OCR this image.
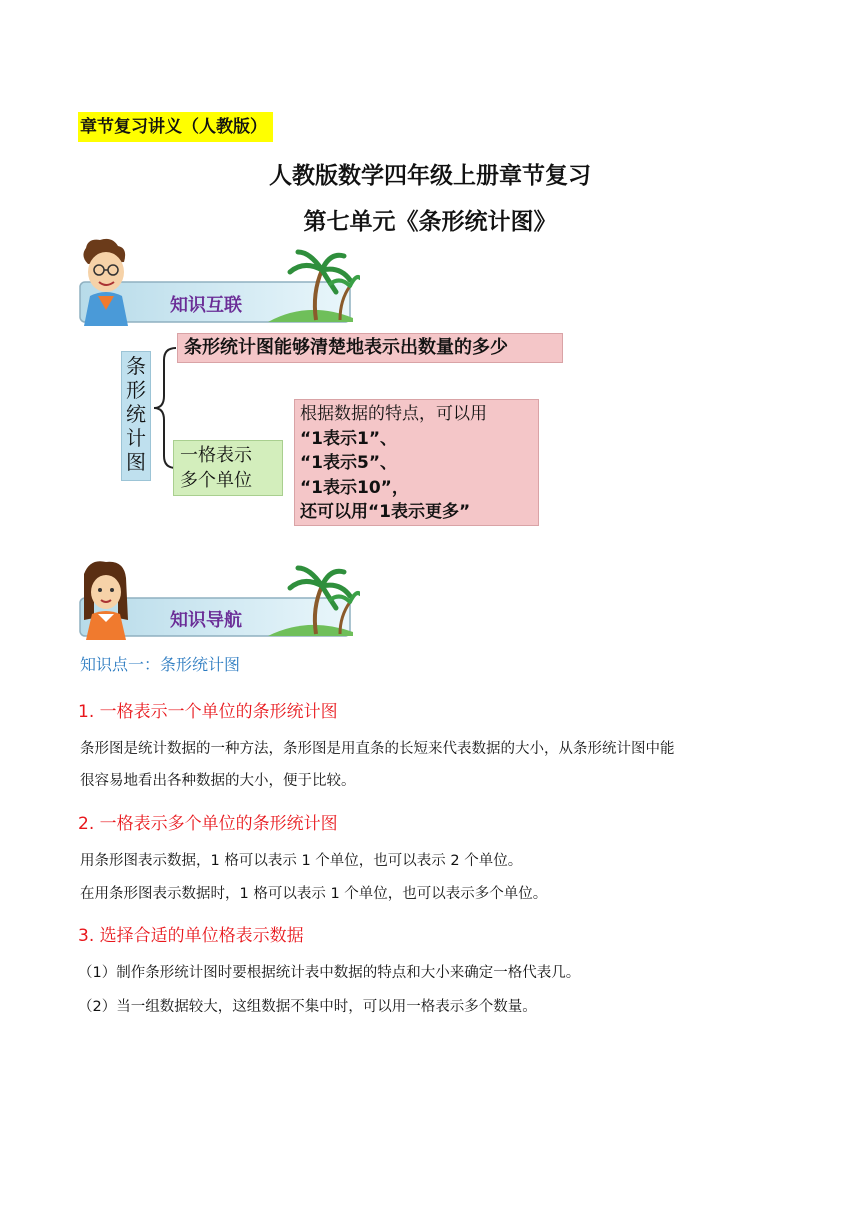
章节复习讲义（人教版）
人教版数学四年级上册章节复习
第七单元《条形统计图》
知识互联
条
形
统
计
图
条形统计图能够清楚地表示出数量的多少
一格表示
多个单位
根据数据的特点，可以用
“1表示1”、
“1表示5”、
“1表示10”，
还可以用“1表示更多”
知识导航
知识点一：条形统计图
1. 一格表示一个单位的条形统计图
条形图是统计数据的一种方法，条形图是用直条的长短来代表数据的大小，从条形统计图中能
很容易地看出各种数据的大小，便于比较。
2. 一格表示多个单位的条形统计图
用条形图表示数据，1 格可以表示 1 个单位，也可以表示 2 个单位。
在用条形图表示数据时，1 格可以表示 1 个单位，也可以表示多个单位。
3. 选择合适的单位格表示数据
（1）制作条形统计图时要根据统计表中数据的特点和大小来确定一格代表几。
（2）当一组数据较大，这组数据不集中时，可以用一格表示多个数量。
